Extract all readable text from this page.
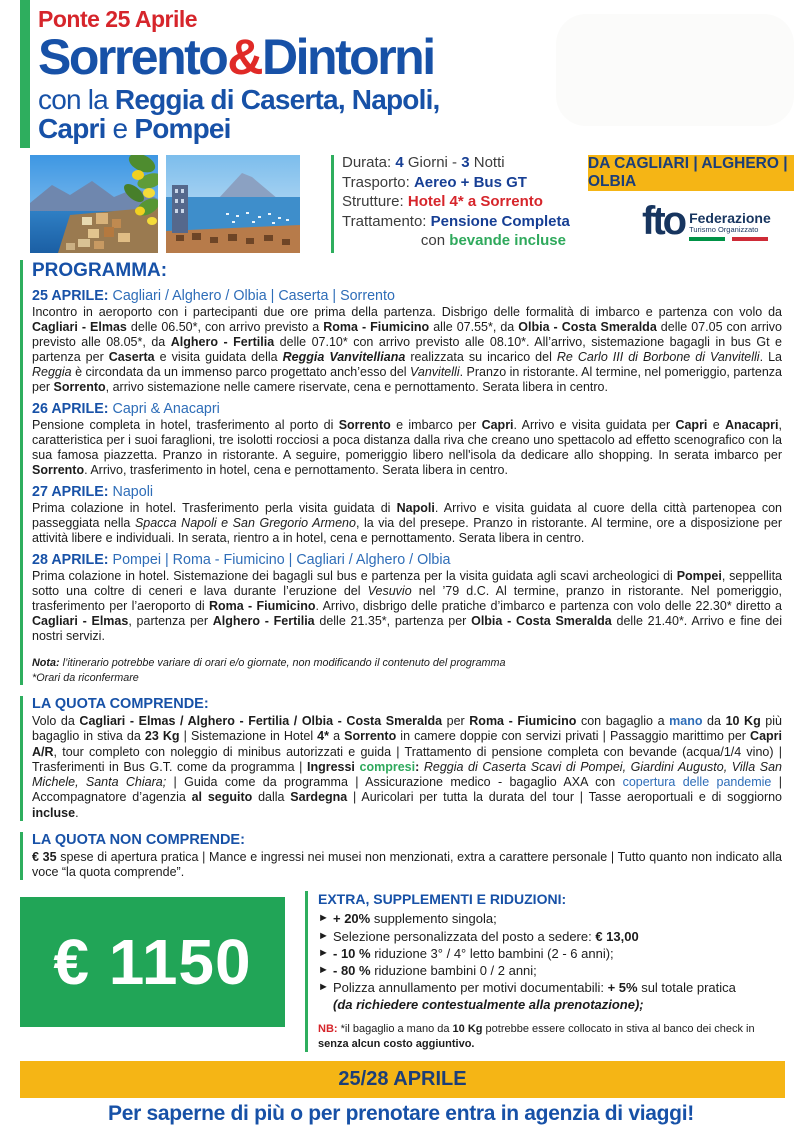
Ponte 25 Aprile
Sorrento&Dintorni
con la Reggia di Caserta, Napoli,
Capri e Pompei
Durata: 4 Giorni - 3 Notti
Trasporto: Aereo + Bus GT
Strutture: Hotel 4* a Sorrento
Trattamento: Pensione Completa
con bevande incluse
DA CAGLIARI | ALGHERO | OLBIA
fto Federazione
Turismo Organizzato
PROGRAMMA:
25 APRILE: Cagliari / Alghero / Olbia | Caserta | Sorrento
Incontro in aeroporto con i partecipanti due ore prima della partenza. Disbrigo delle formalità di imbarco e partenza con volo da Cagliari - Elmas delle 06.50*, con arrivo previsto a Roma - Fiumicino alle 07.55*, da Olbia - Costa Smeralda delle 07.05 con arrivo previsto alle 08.05*, da Alghero - Fertilia delle 07.10* con arrivo previsto alle 08.10*. All’arrivo, sistemazione bagagli in bus Gt e partenza per Caserta e visita guidata della Reggia Vanvitelliana realizzata su incarico del Re Carlo III di Borbone di Vanvitelli. La Reggia è circondata da un immenso parco progettato anch’esso del Vanvitelli. Pranzo in ristorante. Al termine, nel pomeriggio, partenza per Sorrento, arrivo sistemazione nelle camere riservate, cena e pernottamento. Serata libera in centro.
26 APRILE: Capri & Anacapri
Pensione completa in hotel, trasferimento al porto di Sorrento e imbarco per Capri. Arrivo e visita guidata per Capri e Anacapri, caratteristica per i suoi faraglioni, tre isolotti rocciosi a poca distanza dalla riva che creano uno spettacolo ad effetto scenografico con la sua famosa piazzetta. Pranzo in ristorante. A seguire, pomeriggio libero nell'isola da dedicare allo shopping. In serata imbarco per Sorrento. Arrivo, trasferimento in hotel, cena e pernottamento. Serata libera in centro.
27 APRILE: Napoli
Prima colazione in hotel. Trasferimento perla visita guidata di Napoli. Arrivo e visita guidata al cuore della città partenopea con passeggiata nella Spacca Napoli e San Gregorio Armeno, la via del presepe. Pranzo in ristorante. Al termine, ore a disposizione per attività libere e individuali. In serata, rientro a in hotel, cena e pernottamento. Serata libera in centro.
28 APRILE: Pompei | Roma - Fiumicino | Cagliari / Alghero / Olbia
Prima colazione in hotel. Sistemazione dei bagagli sul bus e partenza per la visita guidata agli scavi archeologici di Pompei, seppellita sotto una coltre di ceneri e lava durante l’eruzione del Vesuvio nel ’79 d.C. Al termine, pranzo in ristorante. Nel pomeriggio, trasferimento per l’aeroporto di Roma - Fiumicino. Arrivo, disbrigo delle pratiche d’imbarco e partenza con volo delle 22.30* diretto a Cagliari - Elmas, partenza per Alghero - Fertilia delle 21.35*, partenza per Olbia - Costa Smeralda delle 21.40*. Arrivo e fine dei nostri servizi.
Nota: l’itinerario potrebbe variare di orari e/o giornate, non modificando il contenuto del programma
*Orari da riconfermare
LA QUOTA COMPRENDE:
Volo da Cagliari - Elmas / Alghero - Fertilia / Olbia - Costa Smeralda per Roma - Fiumicino con bagaglio a mano da 10 Kg più bagaglio in stiva da 23 Kg | Sistemazione in Hotel 4* a Sorrento in camere doppie con servizi privati | Passaggio marittimo per Capri A/R, tour completo con noleggio di minibus autorizzati e guida | Trattamento di pensione completa con bevande (acqua/1/4 vino) | Trasferimenti in Bus G.T. come da programma | Ingressi compresi: Reggia di Caserta Scavi di Pompei, Giardini Augusto, Villa San Michele, Santa Chiara; | Guida come da programma | Assicurazione medico - bagaglio AXA con copertura delle pandemie | Accompagnatore d’agenzia al seguito dalla Sardegna | Auricolari per tutta la durata del tour | Tasse aeroportuali e di soggiorno incluse.
LA QUOTA NON COMPRENDE:
€ 35 spese di apertura pratica | Mance e ingressi nei musei non menzionati, extra a carattere personale | Tutto quanto non indicato alla voce “la quota comprende”.
€ 1150
EXTRA, SUPPLEMENTI E RIDUZIONI:
► + 20% supplemento singola;
► Selezione personalizzata del posto a sedere: € 13,00
► - 10 % riduzione 3° / 4° letto bambini (2 - 6 anni);
► - 80 % riduzione bambini 0 / 2 anni;
► Polizza annullamento per motivi documentabili: + 5% sul totale pratica
(da richiedere contestualmente alla prenotazione);
NB: *il bagaglio a mano da 10 Kg potrebbe essere collocato in stiva al banco dei check in senza alcun costo aggiuntivo.
25/28 APRILE
Per saperne di più o per prenotare entra in agenzia di viaggi!
